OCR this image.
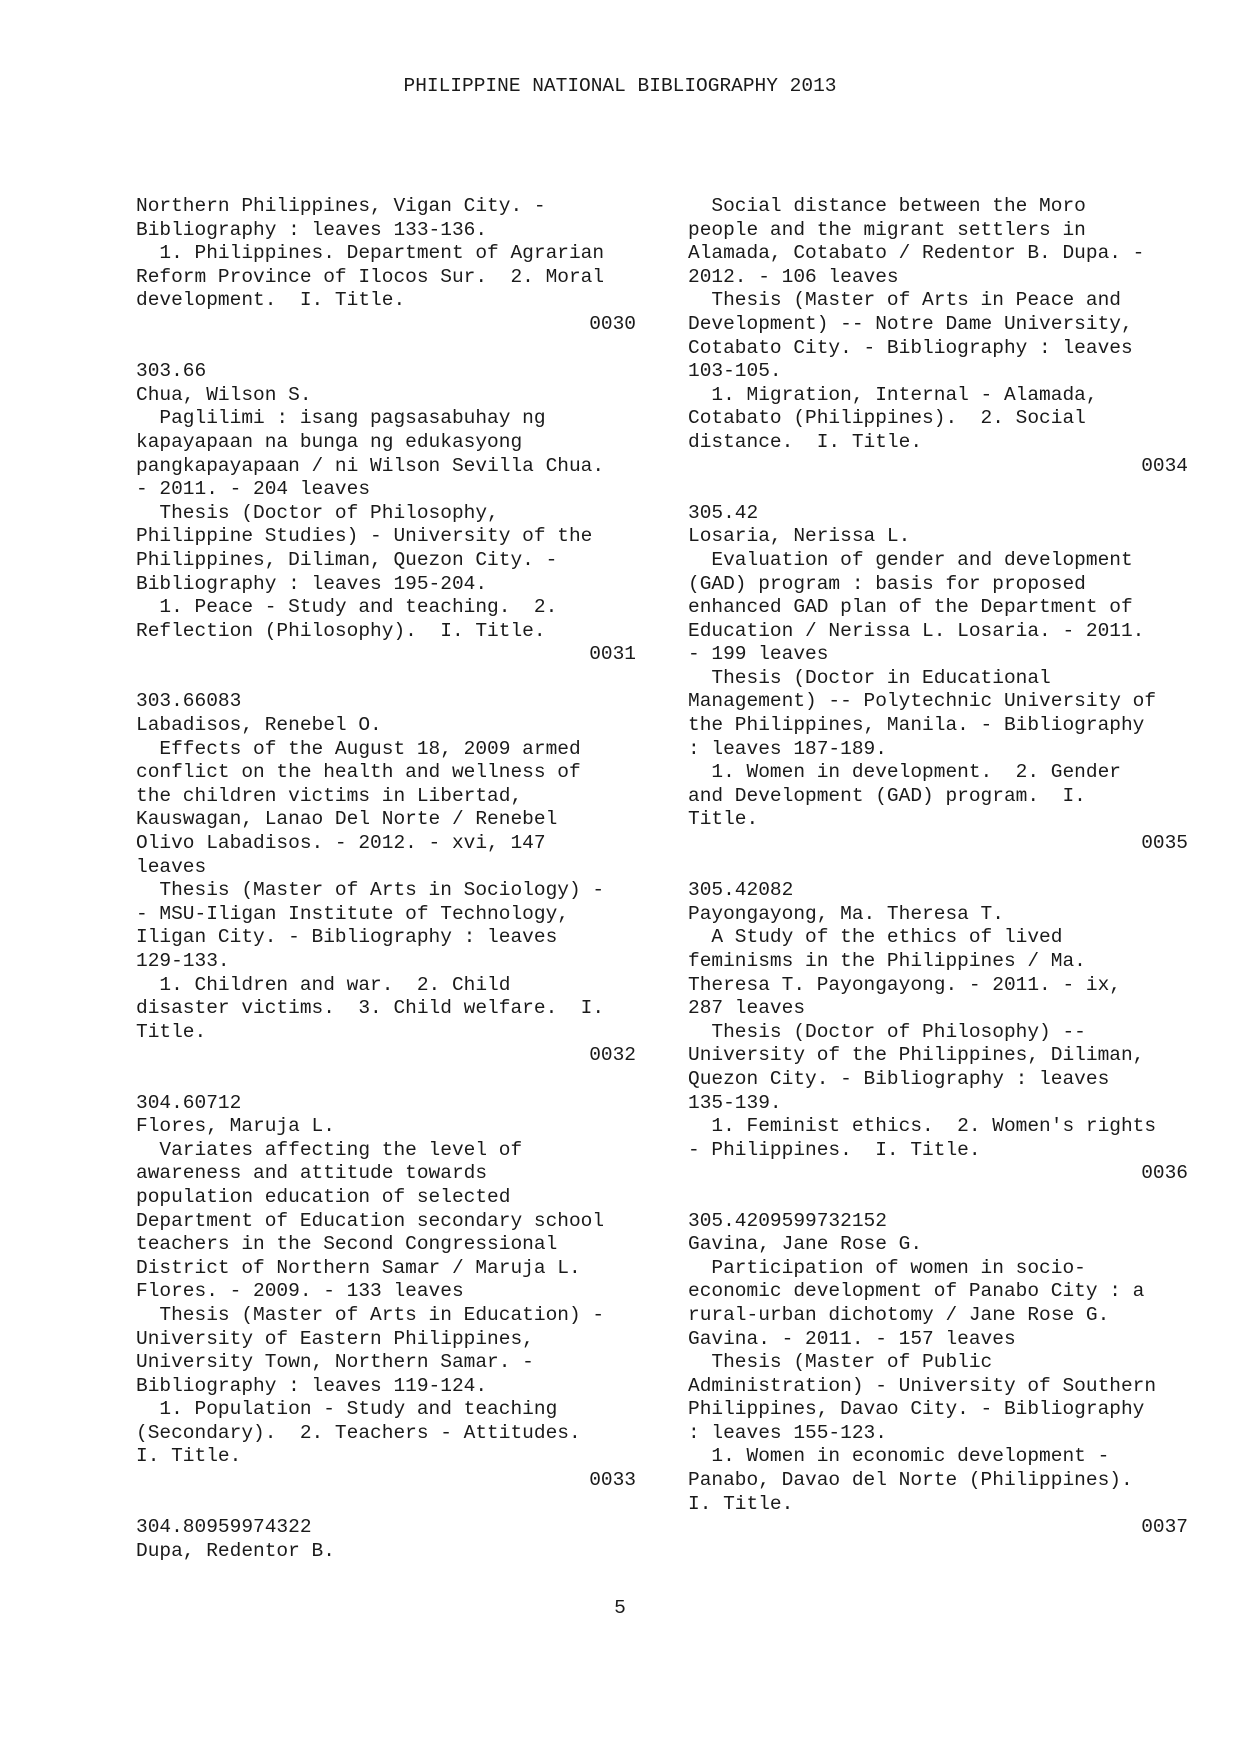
PHILIPPINE NATIONAL BIBLIOGRAPHY 2013
Northern Philippines, Vigan City. -
Bibliography : leaves 133-136.
1. Philippines. Department of Agrarian
Reform Province of Ilocos Sur.  2. Moral
development.  I. Title.
0030
303.66
Chua, Wilson S.
Paglilimi : isang pagsasabuhay ng
kapayapaan na bunga ng edukasyong
pangkapayapaan / ni Wilson Sevilla Chua.
- 2011. - 204 leaves
Thesis (Doctor of Philosophy,
Philippine Studies) - University of the
Philippines, Diliman, Quezon City. -
Bibliography : leaves 195-204.
1. Peace - Study and teaching.  2.
Reflection (Philosophy).  I. Title.
0031
303.66083
Labadisos, Renebel O.
Effects of the August 18, 2009 armed
conflict on the health and wellness of
the children victims in Libertad,
Kauswagan, Lanao Del Norte / Renebel
Olivo Labadisos. - 2012. - xvi, 147
leaves
Thesis (Master of Arts in Sociology) -
- MSU-Iligan Institute of Technology,
Iligan City. - Bibliography : leaves
129-133.
1. Children and war.  2. Child
disaster victims.  3. Child welfare.  I.
Title.
0032
304.60712
Flores, Maruja L.
Variates affecting the level of
awareness and attitude towards
population education of selected
Department of Education secondary school
teachers in the Second Congressional
District of Northern Samar / Maruja L.
Flores. - 2009. - 133 leaves
Thesis (Master of Arts in Education) -
University of Eastern Philippines,
University Town, Northern Samar. -
Bibliography : leaves 119-124.
1. Population - Study and teaching
(Secondary).  2. Teachers - Attitudes.
I. Title.
0033
304.80959974322
Dupa, Redentor B.
Social distance between the Moro
people and the migrant settlers in
Alamada, Cotabato / Redentor B. Dupa. -
2012. - 106 leaves
Thesis (Master of Arts in Peace and
Development) -- Notre Dame University,
Cotabato City. - Bibliography : leaves
103-105.
1. Migration, Internal - Alamada,
Cotabato (Philippines).  2. Social
distance.  I. Title.
0034
305.42
Losaria, Nerissa L.
Evaluation of gender and development
(GAD) program : basis for proposed
enhanced GAD plan of the Department of
Education / Nerissa L. Losaria. - 2011.
- 199 leaves
Thesis (Doctor in Educational
Management) -- Polytechnic University of
the Philippines, Manila. - Bibliography
: leaves 187-189.
1. Women in development.  2. Gender
and Development (GAD) program.  I.
Title.
0035
305.42082
Payongayong, Ma. Theresa T.
A Study of the ethics of lived
feminisms in the Philippines / Ma.
Theresa T. Payongayong. - 2011. - ix,
287 leaves
Thesis (Doctor of Philosophy) --
University of the Philippines, Diliman,
Quezon City. - Bibliography : leaves
135-139.
1. Feminist ethics.  2. Women's rights
- Philippines.  I. Title.
0036
305.4209599732152
Gavina, Jane Rose G.
Participation of women in socio-
economic development of Panabo City : a
rural-urban dichotomy / Jane Rose G.
Gavina. - 2011. - 157 leaves
Thesis (Master of Public
Administration) - University of Southern
Philippines, Davao City. - Bibliography
: leaves 155-123.
1. Women in economic development -
Panabo, Davao del Norte (Philippines).
I. Title.
0037
5
